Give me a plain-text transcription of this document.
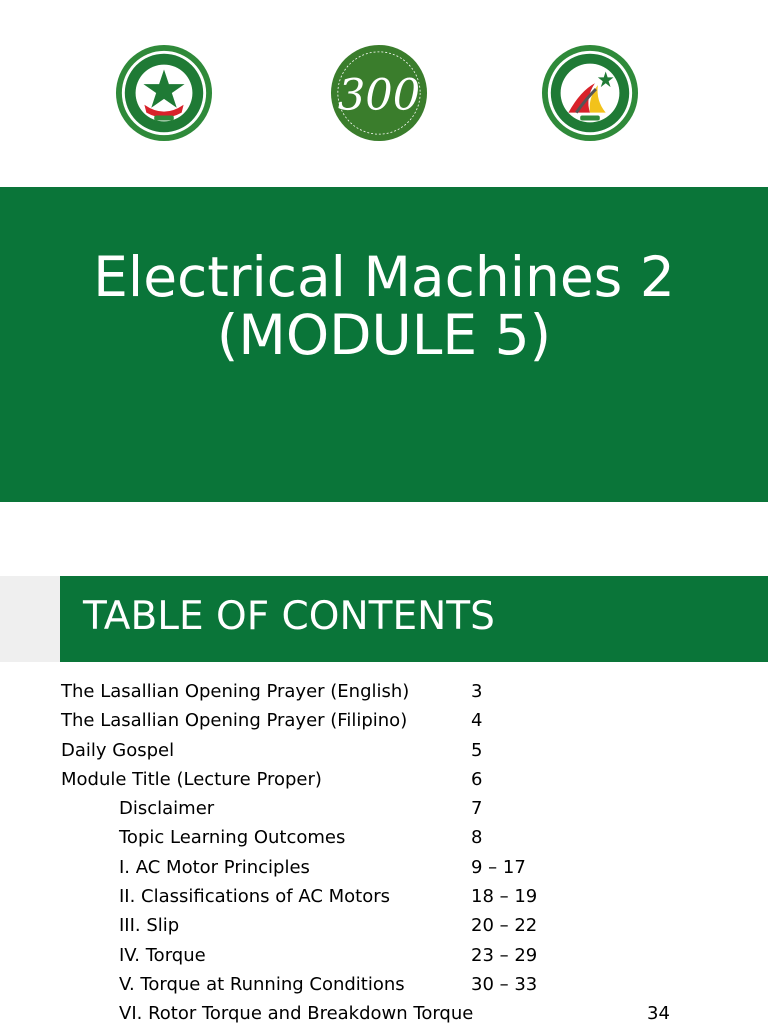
300
Electrical Machines 2
(MODULE 5)
TABLE OF CONTENTS
The Lasallian Opening Prayer (English)	3
The Lasallian Opening Prayer (Filipino)	4
Daily Gospel	5
Module Title (Lecture Proper)	6
Disclaimer	7
Topic Learning Outcomes	8
I. AC Motor Principles	9 – 17
II. Classifications of AC Motors	18 – 19
III. Slip	20 – 22
IV. Torque	23 – 29
V. Torque at Running Conditions	30 – 33
VI. Rotor Torque and Breakdown Torque	34
